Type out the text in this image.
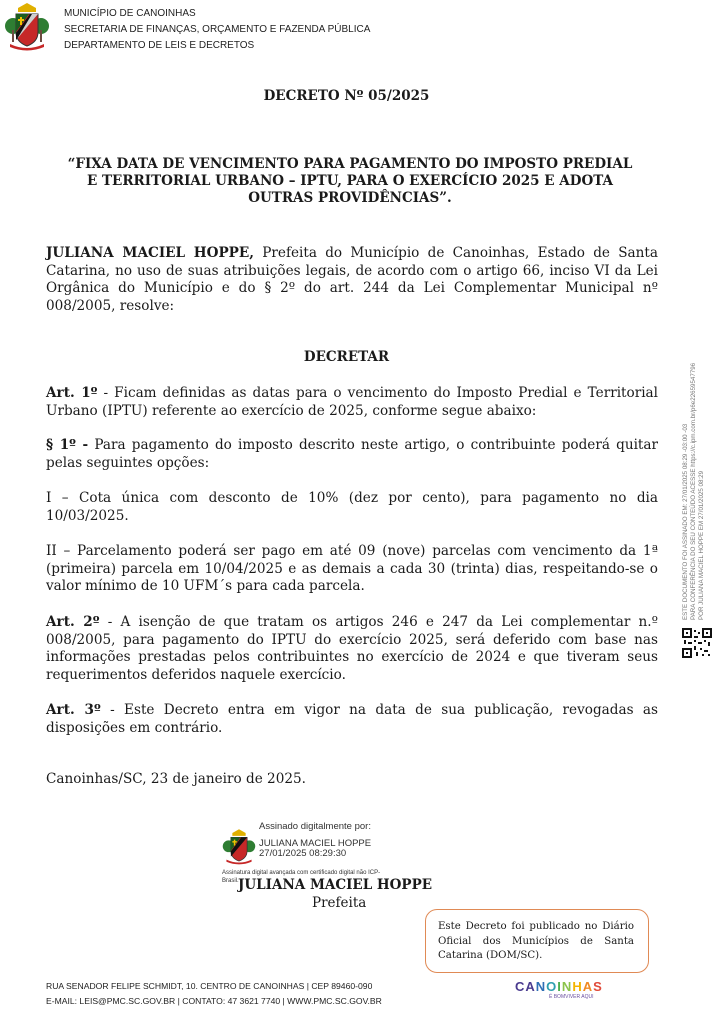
MUNICÍPIO DE CANOINHAS
SECRETARIA DE FINANÇAS, ORÇAMENTO E FAZENDA PÚBLICA
DEPARTAMENTO DE LEIS E DECRETOS
DECRETO Nº 05/2025
“FIXA DATA DE VENCIMENTO PARA PAGAMENTO DO IMPOSTO PREDIAL
E TERRITORIAL URBANO – IPTU, PARA O EXERCÍCIO 2025 E ADOTA
OUTRAS PROVIDÊNCIAS”.
JULIANA MACIEL HOPPE, Prefeita do Município de Canoinhas, Estado de Santa Catarina, no uso de suas atribuições legais, de acordo com o artigo 66, inciso VI da Lei Orgânica do Município e do § 2º do art. 244 da Lei Complementar Municipal nº 008/2005, resolve:
DECRETAR
Art. 1º - Ficam definidas as datas para o vencimento do Imposto Predial e Territorial Urbano (IPTU) referente ao exercício de 2025, conforme segue abaixo:
§ 1º - Para pagamento do imposto descrito neste artigo, o contribuinte poderá quitar pelas seguintes opções:
I – Cota única com desconto de 10% (dez por cento), para pagamento no dia 10/03/2025.
II – Parcelamento poderá ser pago em até 09 (nove) parcelas com vencimento da 1ª (primeira) parcela em 10/04/2025 e as demais a cada 30 (trinta) dias, respeitando-se o valor mínimo de 10 UFM´s para cada parcela.
Art. 2º - A isenção de que tratam os artigos 246 e 247 da Lei complementar n.º 008/2005, para pagamento do IPTU do exercício 2025, será deferido com base nas informações prestadas pelos contribuintes no exercício de 2024 e que tiveram seus requerimentos deferidos naquele exercício.
Art. 3º - Este Decreto entra em vigor na data de sua publicação, revogadas as disposições em contrário.
Canoinhas/SC, 23 de janeiro de 2025.
Assinado digitalmente por:
JULIANA MACIEL HOPPE
27/01/2025 08:29:30
Assinatura digital avançada com certificado digital não ICP-
Brasil. JULIANA MACIEL HOPPE
Prefeita
Este Decreto foi publicado no Diário Oficial dos Municípios de Santa Catarina (DOM/SC).
RUA SENADOR FELIPE SCHMIDT, 10. CENTRO DE CANOINHAS | CEP 89460-090
E-MAIL: LEIS@PMC.SC.GOV.BR | CONTATO: 47 3621 7740 | WWW.PMC.SC.GOV.BR
CANOINHAS
É BOMVIVER AQUI
ESTE DOCUMENTO FOI ASSINADO EM: 27/01/2025 08:29 -03:00 -03 PARA CONFERÊNCIA DO SEU CONTEÚDO ACESSE https://c.ipm.com.br/p6e22659547796 POR JULIANA MACIEL HOPPE EM 27/01/2025 08:29
